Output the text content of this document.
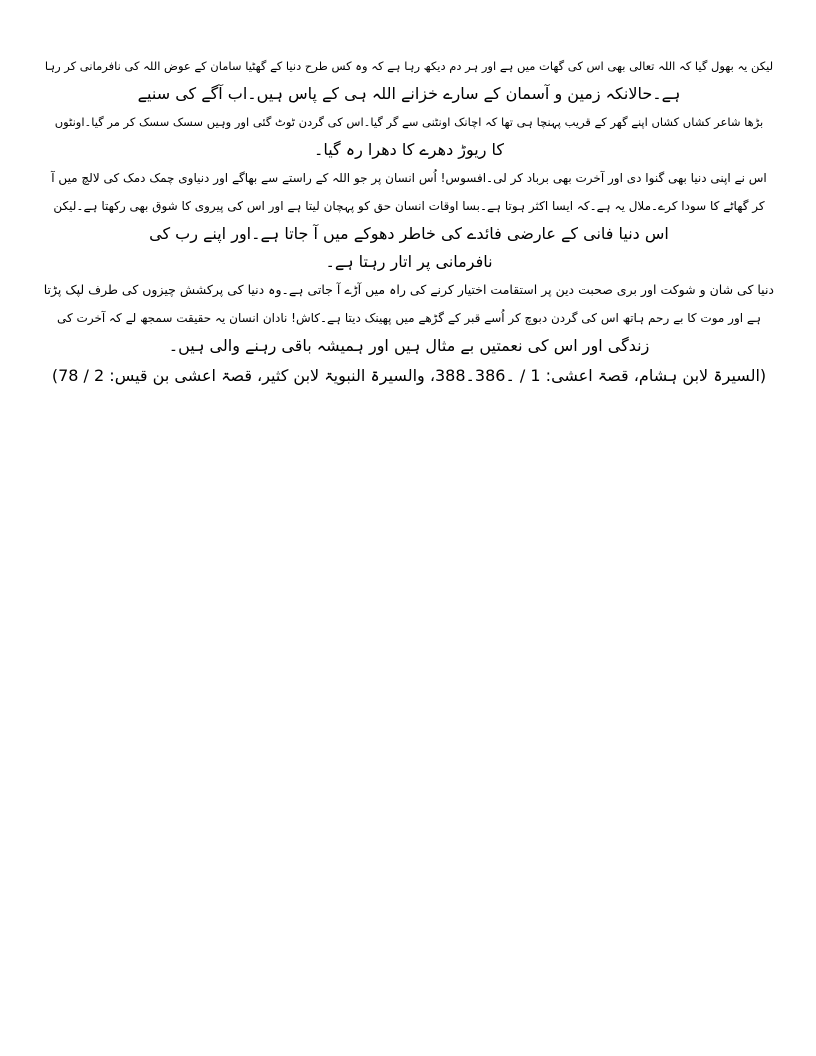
لیکن یہ بھول گیا کہ اللہ تعالی بھی اس کی گھات میں ہے اور ہر دم دیکھ رہا ہے کہ وہ کس طرح دنیا کے گھٹیا سامان کے عوض اللہ کی نافرمانی کر رہا
ہے۔حالانکہ زمین و آسمان کے سارے خزانے اللہ ہی کے پاس ہیں۔اب آگے کی سنیے

بڑھا شاعر کشاں کشاں اپنے گھر کے قریب پہنچا ہی تھا کہ اچانک اونٹنی سے گر گیا۔اس کی گردن ٹوٹ گئی اور وہیں سسک سسک کر مر گیا۔اونٹوں
کا ریوڑ دھرے کا دھرا رہ گیا۔

اس نے اپنی دنیا بھی گنوا دی اور آخرت بھی برباد کر لی۔افسوس! اُس انسان پر جو اللہ کے راستے سے بھاگے اور دنیاوی چمک دمک کی لالچ میں آ
کر گھاٹے کا سودا کرے۔ملال یہ ہے۔کہ ایسا اکثر ہوتا ہے۔بسا اوقات انسان حق کو پہچان لیتا ہے اور اس کی پیروی کا شوق بھی رکھتا ہے۔لیکن
اس دنیا فانی کے عارضی فائدے کی خاطر دھوکے میں آ جاتا ہے۔اور اپنے رب کی
نافرمانی پر اتار رہتا ہے۔

دنیا کی شان و شوکت اور بری صحبت دین پر استقامت اختیار کرنے کی راہ میں آڑے آ جاتی ہے۔وہ دنیا کی پرکشش چیزوں کی طرف لپک پڑتا
ہے اور موت کا بے رحم ہاتھ اس کی گردن دبوچ کر اُسے قبر کے گڑھے میں پھینک دیتا ہے۔کاش! نادان انسان یہ حقیقت سمجھ لے کہ آخرت کی
زندگی اور اس کی نعمتیں بے مثال ہیں اور ہمیشہ باقی رہنے والی ہیں۔

(السیرۃ لابن ہشام، قصۃ اعشی: 1 / ۔386۔388، والسیرۃ النبویۃ لابن کثیر، قصۃ اعشی بن قیس: 2 / 78)
